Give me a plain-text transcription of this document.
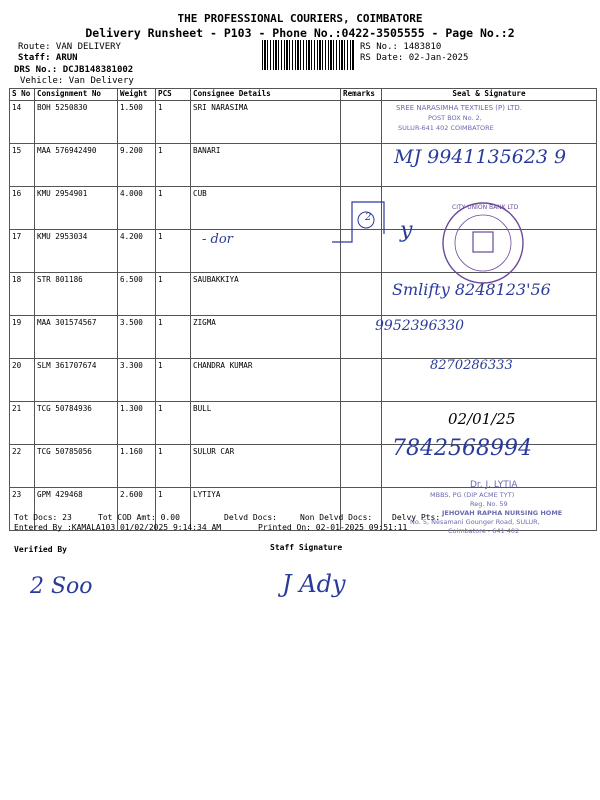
THE PROFESSIONAL COURIERS, COIMBATORE
Delivery Runsheet - P103 - Phone No.:0422-3505555 - Page No.:2
Route: VAN DELIVERY
Staff: ARUN
DRS No.: DCJB148381002
Vehicle: Van Delivery
RS No.: 1483810
RS Date: 02-Jan-2025
S No	Consignment No	Weight	PCS	Consignee Details	Remarks	Seal & Signature
14	BOH 5250830	1.500	1	SRI NARASIMA		
15	MAA 576942490	9.200	1	BANARI		
16	KMU 2954901	4.000	1	CUB		
17	KMU 2953034	4.200	1			
18	STR 801186	6.500	1	SAUBAKKIYA		
19	MAA 301574567	3.500	1	ZIGMA		
20	SLM 361707674	3.300	1	CHANDRA KUMAR		
21	TCG 50784936	1.300	1	BULL		
22	TCG 50785056	1.160	1	SULUR CAR		
23	GPM 429468	2.600	1	LYTIYA		
SREE NARASIMHA TEXTILES (P) LTD.
POST BOX No. 2,
SULUR-641 402 COIMBATORE
MJ 9941135623 9
2
- dor
CITY UNION BANK LTD
y
Smlifty 8248123'56
9952396330
8270286333
02/01/25
7842568994
Dr. J. LYTIA
MBBS, PG (DIP ACME TYT)
Reg. No. 59
JEHOVAH RAPHA NURSING HOME
No. 5, Nesamani Gounger Road, SULUR,
Coimbatore - 641 402
Tot Docs: 23	Tot COD Amt: 0.00	Delvd Docs:	Non Delvd Docs: Delvy Pts:
Entered By :KAMALA103 01/02/2025 9:14:34 AM	Printed On: 02-01-2025 09:51:11
Verified By	Staff Signature
2 Soo	J Ady
